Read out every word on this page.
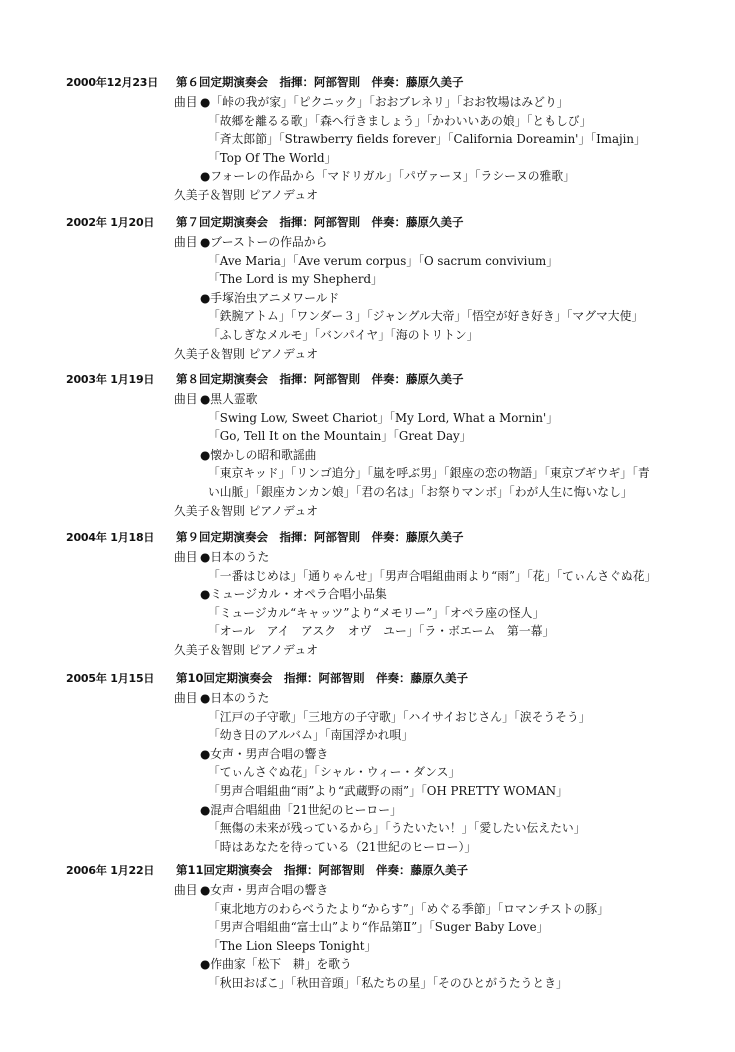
2000年12月23日 第６回定期演奏会　指揮：阿部智則　伴奏：藤原久美子
曲目 ●「峠の我が家」「ピクニック」「おおブレネリ」「おお牧場はみどり」
「故郷を離るる歌」「森へ行きましょう」「かわいいあの娘」「ともしび」
「斉太郎節」「Strawberry fields forever」「California Doreamin'」「Imajin」
「Top Of The World」
●フォーレの作品から「マドリガル」「パヴァーヌ」「ラシーヌの雅歌」
久美子＆智則 ピアノデュオ
2002年 1月20日 第７回定期演奏会　指揮：阿部智則　伴奏：藤原久美子
曲目 ●ブーストーの作品から
「Ave Maria」「Ave verum corpus」「O sacrum convivium」
「The Lord is my Shepherd」
●手塚治虫アニメワールド
「鉄腕アトム」「ワンダー３」「ジャングル大帝」「悟空が好き好き」「マグマ大使」
「ふしぎなメルモ」「バンパイヤ」「海のトリトン」
久美子＆智則 ピアノデュオ
2003年 1月19日 第８回定期演奏会　指揮：阿部智則　伴奏：藤原久美子
曲目 ●黒人霊歌
「Swing Low, Sweet Chariot」「My Lord, What a Mornin'」
「Go, Tell It on the Mountain」「Great Day」
●懐かしの昭和歌謡曲
「東京キッド」「リンゴ追分」「嵐を呼ぶ男」「銀座の恋の物語」「東京ブギウギ」「青
い山脈」「銀座カンカン娘」「君の名は」「お祭りマンボ」「わが人生に悔いなし」
久美子＆智則 ピアノデュオ
2004年 1月18日 第９回定期演奏会　指揮：阿部智則　伴奏：藤原久美子
曲目 ●日本のうた
「一番はじめは」「通りゃんせ」「男声合唱組曲雨より“雨”」「花」「てぃんさぐぬ花」
●ミュージカル・オペラ合唱小品集
「ミュージカル“キャッツ”より“メモリー”」「オペラ座の怪人」
「オール　アイ　アスク　オヴ　ユー」「ラ・ボエーム　第一幕」
久美子＆智則 ピアノデュオ
2005年 1月15日 第10回定期演奏会　指揮：阿部智則　伴奏：藤原久美子
曲目 ●日本のうた
「江戸の子守歌」「三地方の子守歌」「ハイサイおじさん」「涙そうそう」
「幼き日のアルバム」「南国浮かれ唄」
●女声・男声合唱の響き
「てぃんさぐぬ花」「シャル・ウィー・ダンス」
「男声合唱組曲“雨”より“武蔵野の雨”」「OH PRETTY WOMAN」
●混声合唱組曲「21世紀のヒーロー」
「無傷の未来が残っているから」「うたいたい！」「愛したい伝えたい」
「時はあなたを待っている（21世紀のヒーロー）」
2006年 1月22日 第11回定期演奏会　指揮：阿部智則　伴奏：藤原久美子
曲目 ●女声・男声合唱の響き
「東北地方のわらべうたより“からす”」「めぐる季節」「ロマンチストの豚」
「男声合唱組曲“富士山”より“作品第Ⅱ”」「Suger Baby Love」
「The Lion Sleeps Tonight」
●作曲家「松下　耕」を歌う
「秋田おばこ」「秋田音頭」「私たちの星」「そのひとがうたうとき」
